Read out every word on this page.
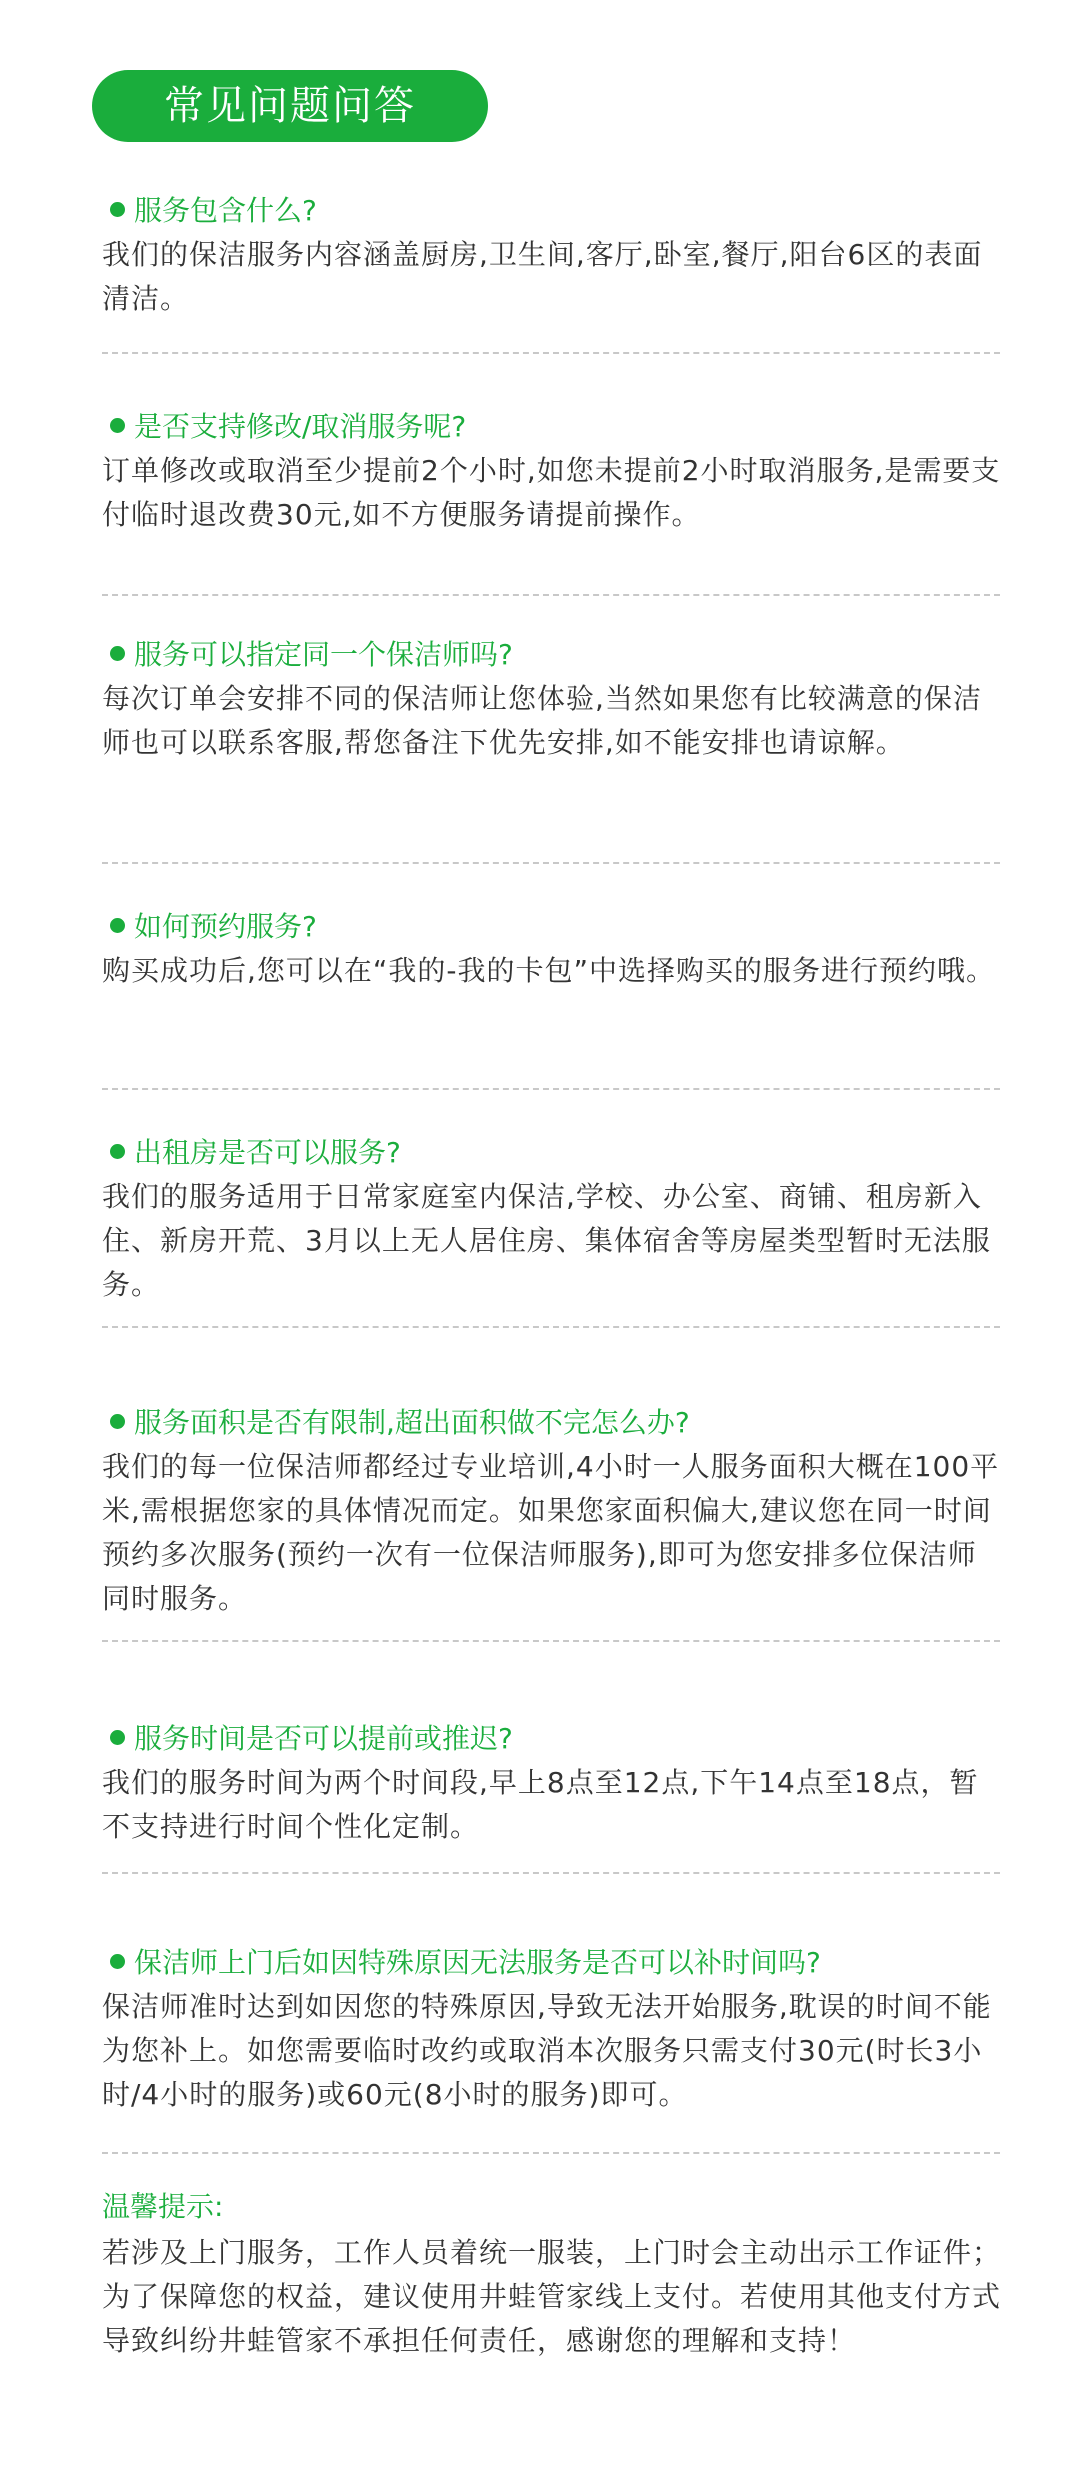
常见问题问答
服务包含什么?
我们的保洁服务内容涵盖厨房,卫生间,客厅,卧室,餐厅,阳台6区的表面清洁。
是否支持修改/取消服务呢?
订单修改或取消至少提前2个小时,如您未提前2小时取消服务,是需要支付临时退改费30元,如不方便服务请提前操作。
服务可以指定同一个保洁师吗?
每次订单会安排不同的保洁师让您体验,当然如果您有比较满意的保洁师也可以联系客服,帮您备注下优先安排,如不能安排也请谅解。
如何预约服务?
购买成功后,您可以在“我的-我的卡包”中选择购买的服务进行预约哦。
出租房是否可以服务?
我们的服务适用于日常家庭室内保洁,学校、办公室、商铺、租房新入住、新房开荒、3月以上无人居住房、集体宿舍等房屋类型暂时无法服务。
服务面积是否有限制,超出面积做不完怎么办?
我们的每一位保洁师都经过专业培训,4小时一人服务面积大概在100平米,需根据您家的具体情况而定。如果您家面积偏大,建议您在同一时间预约多次服务(预约一次有一位保洁师服务),即可为您安排多位保洁师同时服务。
服务时间是否可以提前或推迟?
我们的服务时间为两个时间段,早上8点至12点,下午14点至18点，暂不支持进行时间个性化定制。
保洁师上门后如因特殊原因无法服务是否可以补时间吗?
保洁师准时达到如因您的特殊原因,导致无法开始服务,耽误的时间不能为您补上。如您需要临时改约或取消本次服务只需支付30元(时长3小时/4小时的服务)或60元(8小时的服务)即可。
温馨提示:
若涉及上门服务，工作人员着统一服装，上门时会主动出示工作证件；为了保障您的权益，建议使用井蛙管家线上支付。若使用其他支付方式导致纠纷井蛙管家不承担任何责任，感谢您的理解和支持！
